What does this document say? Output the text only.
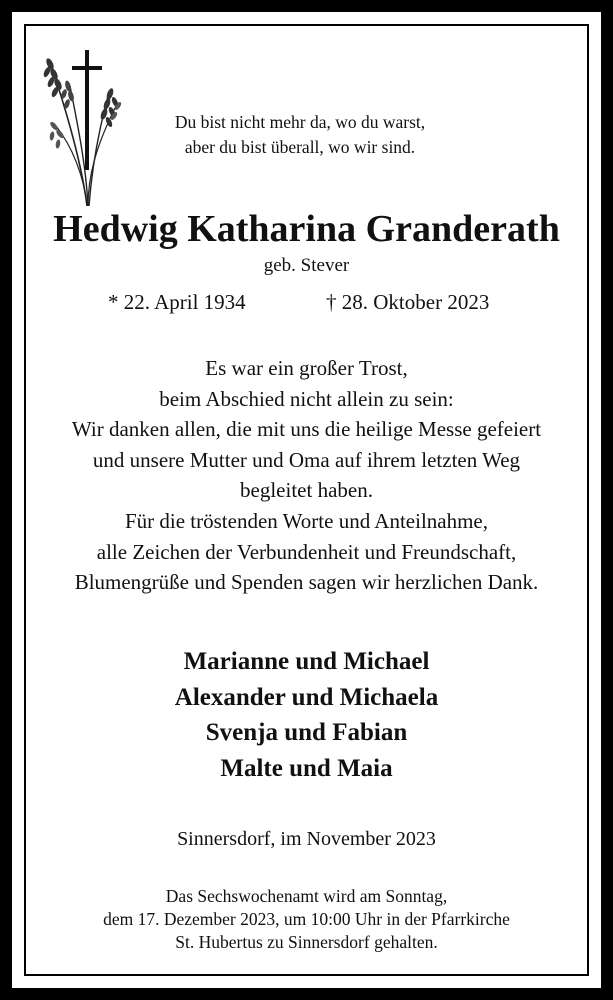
Du bist nicht mehr da, wo du warst,
aber du bist überall, wo wir sind.
Hedwig Katharina Granderath
geb. Stever
* 22. April 1934	† 28. Oktober 2023
Es war ein großer Trost,
beim Abschied nicht allein zu sein:
Wir danken allen, die mit uns die heilige Messe gefeiert
und unsere Mutter und Oma auf ihrem letzten Weg
begleitet haben.
Für die tröstenden Worte und Anteilnahme,
alle Zeichen der Verbundenheit und Freundschaft,
Blumengrüße und Spenden sagen wir herzlichen Dank.
Marianne und Michael
Alexander und Michaela
Svenja und Fabian
Malte und Maia
Sinnersdorf, im November 2023
Das Sechswochenamt wird am Sonntag,
dem 17. Dezember 2023, um 10:00 Uhr in der Pfarrkirche
St. Hubertus zu Sinnersdorf gehalten.
